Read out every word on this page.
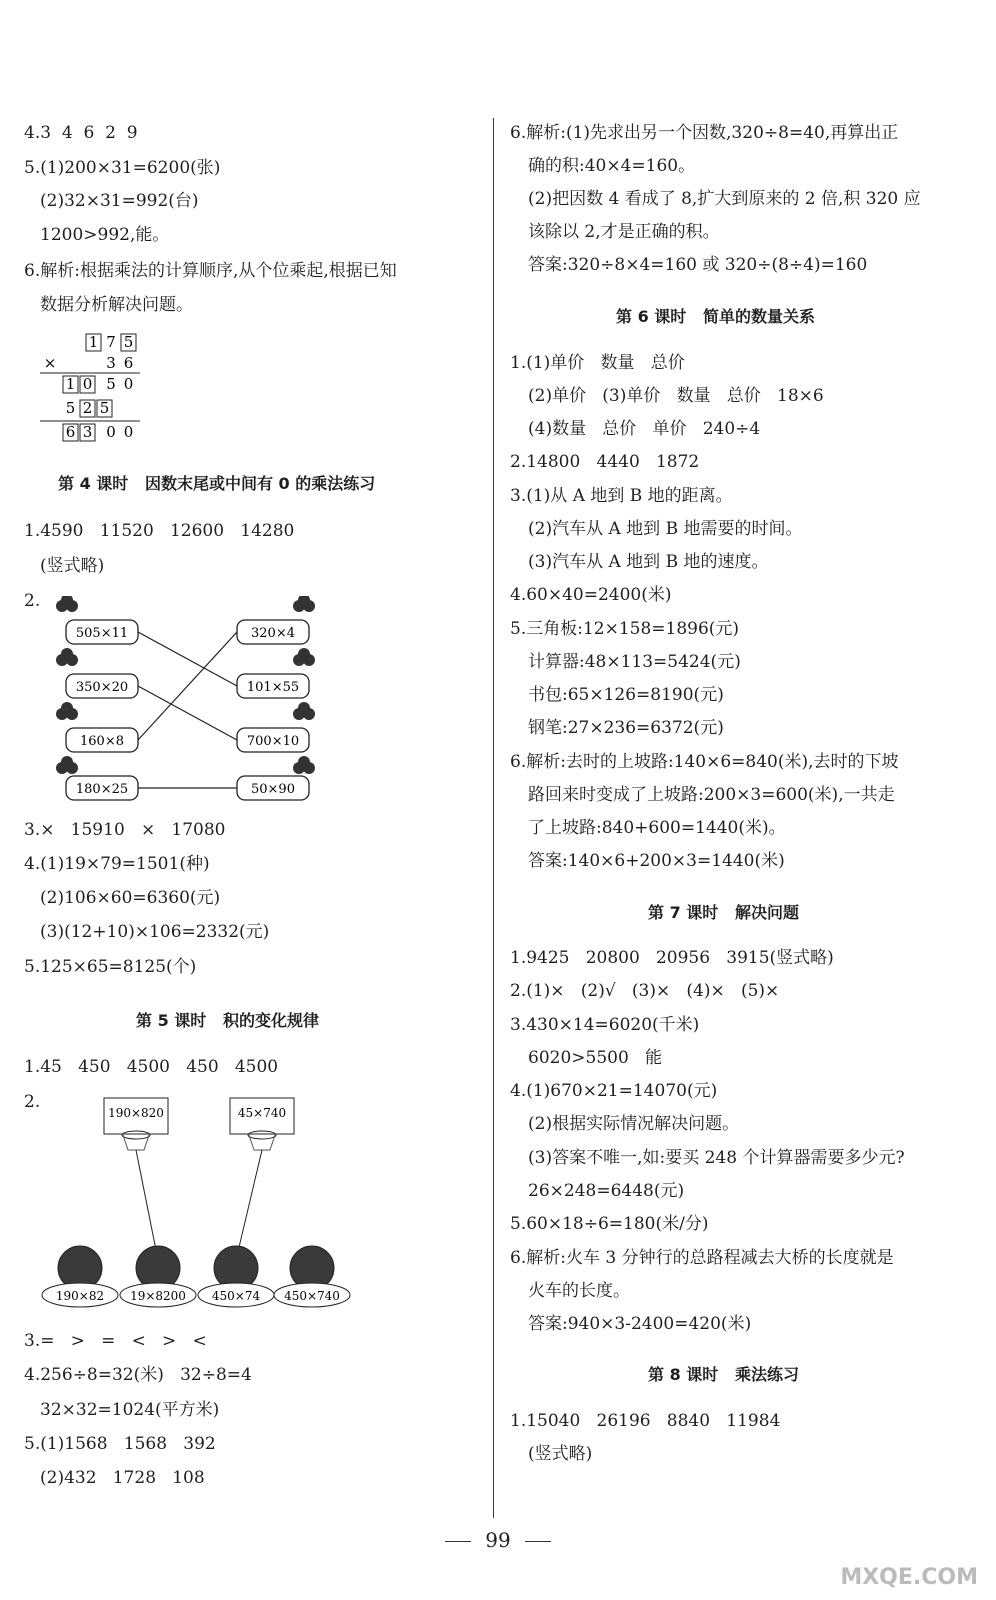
4.3  4  6  2  9
5.(1)200×31=6200(张)
(2)32×31=992(台)
1200>992,能。
6.解析:根据乘法的计算顺序,从个位乘起,根据已知
数据分析解决问题。
1 7 5
×	3 6
1 0 5 0
5 2 5
6 3 0 0
第 4 课时   因数末尾或中间有 0 的乘法练习
1.4590   11520   12600   14280
(竖式略)
2.
505×11
350×20
160×8
180×25
320×4
101×55
700×10
50×90
3.×   15910   ×   17080
4.(1)19×79=1501(种)
(2)106×60=6360(元)
(3)(12+10)×106=2332(元)
5.125×65=8125(个)
第 5 课时   积的变化规律
1.45   450   4500   450   4500
2.
190×820	45×740
190×82 19×8200 450×74 450×740
3.=   >   =   <   >   <
4.256÷8=32(米)   32÷8=4
32×32=1024(平方米)
5.(1)1568   1568   392
(2)432   1728   108
6.解析:(1)先求出另一个因数,320÷8=40,再算出正
确的积:40×4=160。
(2)把因数 4 看成了 8,扩大到原来的 2 倍,积 320 应
该除以 2,才是正确的积。
答案:320÷8×4=160 或 320÷(8÷4)=160
第 6 课时   简单的数量关系
1.(1)单价   数量   总价
(2)单价   (3)单价   数量   总价   18×6
(4)数量   总价   单价   240÷4
2.14800   4440   1872
3.(1)从 A 地到 B 地的距离。
(2)汽车从 A 地到 B 地需要的时间。
(3)汽车从 A 地到 B 地的速度。
4.60×40=2400(米)
5.三角板:12×158=1896(元)
计算器:48×113=5424(元)
书包:65×126=8190(元)
钢笔:27×236=6372(元)
6.解析:去时的上坡路:140×6=840(米),去时的下坡
路回来时变成了上坡路:200×3=600(米),一共走
了上坡路:840+600=1440(米)。
答案:140×6+200×3=1440(米)
第 7 课时   解决问题
1.9425   20800   20956   3915(竖式略)
2.(1)×   (2)√   (3)×   (4)×   (5)×
3.430×14=6020(千米)
6020>5500   能
4.(1)670×21=14070(元)
(2)根据实际情况解决问题。
(3)答案不唯一,如:要买 248 个计算器需要多少元?
26×248=6448(元)
5.60×18÷6=180(米/分)
6.解析:火车 3 分钟行的总路程减去大桥的长度就是
火车的长度。
答案:940×3-2400=420(米)
第 8 课时   乘法练习
1.15040   26196   8840   11984
(竖式略)
99
MXQE.COM
